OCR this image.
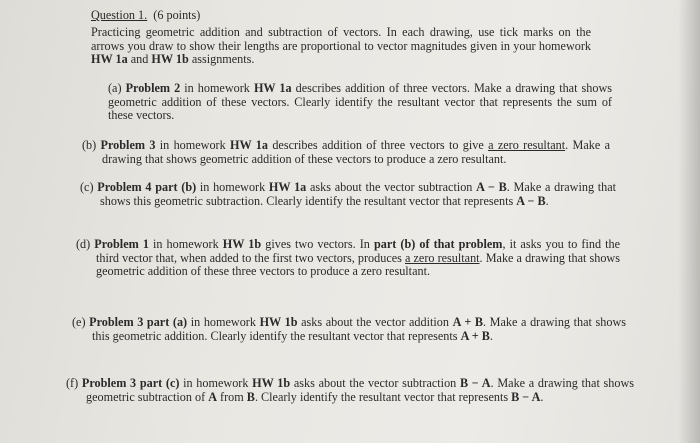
Question 1. (6 points)
Practicing geometric addition and subtraction of vectors. In each drawing, use tick marks on the arrows you draw to show their lengths are proportional to vector magnitudes given in your homework HW 1a and HW 1b assignments.
(a) Problem 2 in homework HW 1a describes addition of three vectors. Make a drawing that shows geometric addition of these vectors. Clearly identify the resultant vector that represents the sum of these vectors.
(b) Problem 3 in homework HW 1a describes addition of three vectors to give a zero resultant. Make a drawing that shows geometric addition of these vectors to produce a zero resultant.
(c) Problem 4 part (b) in homework HW 1a asks about the vector subtraction A − B. Make a drawing that shows this geometric subtraction. Clearly identify the resultant vector that represents A − B.
(d) Problem 1 in homework HW 1b gives two vectors. In part (b) of that problem, it asks you to find the third vector that, when added to the first two vectors, produces a zero resultant. Make a drawing that shows geometric addition of these three vectors to produce a zero resultant.
(e) Problem 3 part (a) in homework HW 1b asks about the vector addition A + B. Make a drawing that shows this geometric addition. Clearly identify the resultant vector that represents A + B.
(f) Problem 3 part (c) in homework HW 1b asks about the vector subtraction B − A. Make a drawing that shows geometric subtraction of A from B. Clearly identify the resultant vector that represents B − A.
